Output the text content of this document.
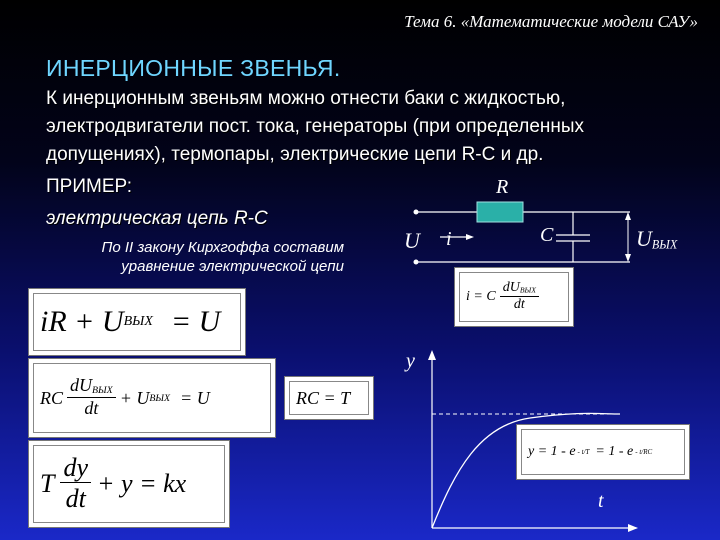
Тема 6. «Математические модели САУ»
ИНЕРЦИОННЫЕ ЗВЕНЬЯ.
К инерционным звеньям можно отнести баки с жидкостью, электродвигатели пост. тока, генераторы (при определенных допущениях), термопары, электрические цепи R-C и др.
ПРИМЕР:
электрическая цепь R-C
По II закону Кирхгоффа составим уравнение электрической цепи
R
U i	C	$U_{ВЫХ}$
i = C $\frac{dU_{ВЫХ}}{dt}$
iR + U ВЫХ = U
RC $\frac{\text{dUВЫХ}}{dt} + U$ ВЫХ = U	RC = T
T $\frac{dy}{dt} + y$ = kx
y = 1 - e - t/T = 1 - e - t/RC
y
t
